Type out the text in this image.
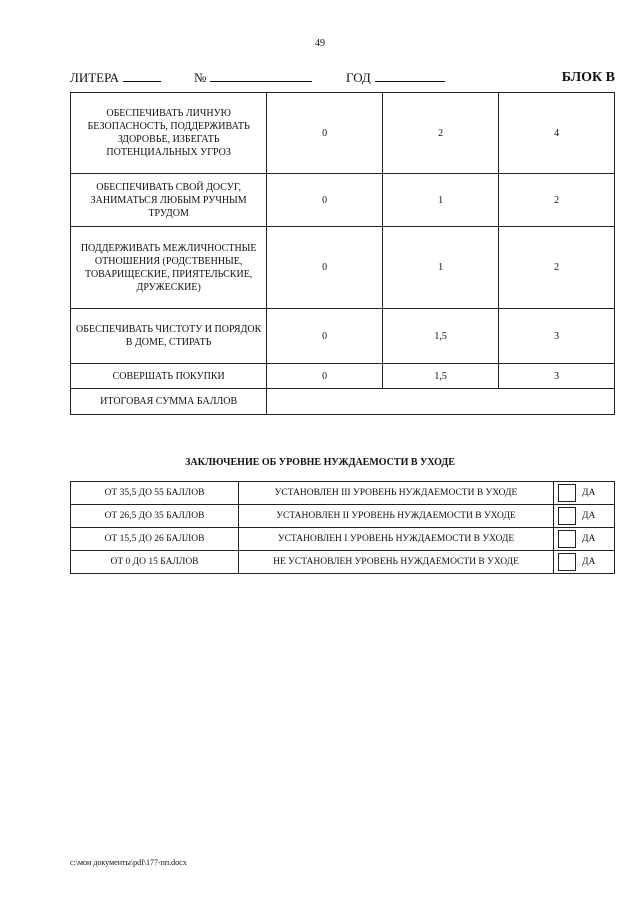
49
ЛИТЕРА	№	ГОД	БЛОК В
ОБЕСПЕЧИВАТЬ ЛИЧНУЮ БЕЗОПАСНОСТЬ, ПОДДЕРЖИВАТЬ ЗДОРОВЬЕ, ИЗБЕГАТЬ ПОТЕНЦИАЛЬНЫХ УГРОЗ	0	2	4
ОБЕСПЕЧИВАТЬ СВОЙ ДОСУГ, ЗАНИМАТЬСЯ ЛЮБЫМ РУЧНЫМ ТРУДОМ	0	1	2
ПОДДЕРЖИВАТЬ МЕЖЛИЧНОСТНЫЕ ОТНОШЕНИЯ (РОДСТВЕННЫЕ, ТОВАРИЩЕСКИЕ, ПРИЯТЕЛЬСКИЕ, ДРУЖЕСКИЕ)	0	1	2
ОБЕСПЕЧИВАТЬ ЧИСТОТУ И ПОРЯДОК В ДОМЕ, СТИРАТЬ	0	1,5	3
СОВЕРШАТЬ ПОКУПКИ	0	1,5	3
ИТОГОВАЯ СУММА БАЛЛОВ			
ЗАКЛЮЧЕНИЕ ОБ УРОВНЕ НУЖДАЕМОСТИ В УХОДЕ
ОТ 35,5 ДО 55 БАЛЛОВ	УСТАНОВЛЕН III УРОВЕНЬ НУЖДАЕМОСТИ В УХОДЕ	ДА
ОТ 26,5 ДО 35 БАЛЛОВ	УСТАНОВЛЕН II УРОВЕНЬ НУЖДАЕМОСТИ В УХОДЕ	ДА
ОТ 15,5 ДО 26 БАЛЛОВ	УСТАНОВЛЕН I УРОВЕНЬ НУЖДАЕМОСТИ В УХОДЕ	ДА
ОТ 0 ДО 15 БАЛЛОВ	НЕ УСТАНОВЛЕН УРОВЕНЬ НУЖДАЕМОСТИ В УХОДЕ	ДА
c:\мои документы\pdf\177-пп.docx
